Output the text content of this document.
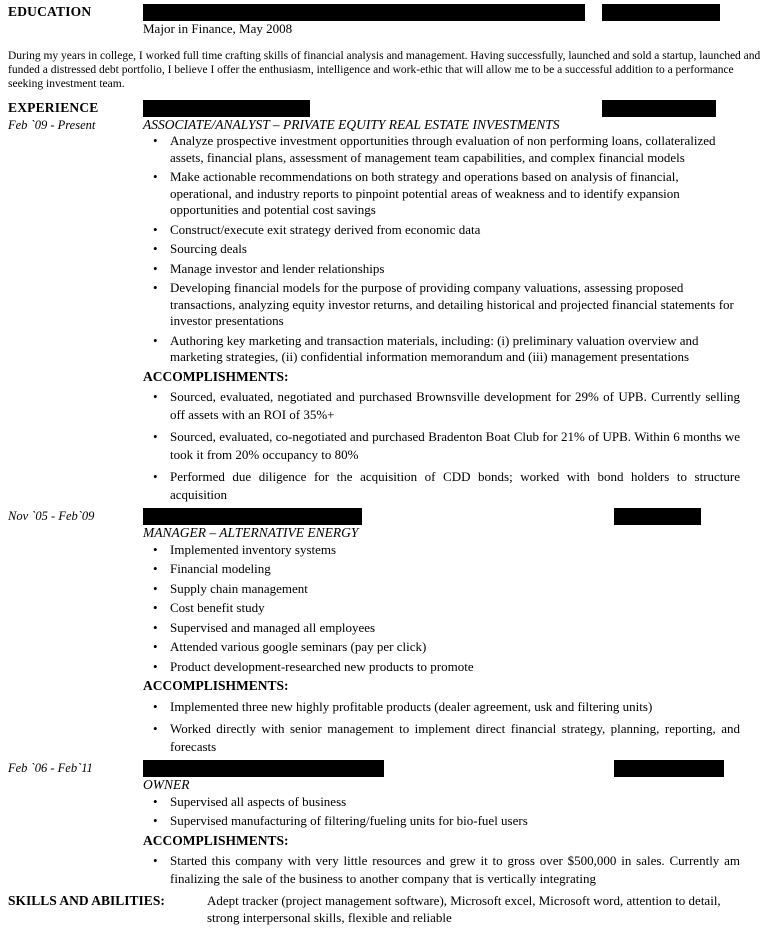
EDUCATION
Major in Finance, May 2008

During my years in college, I worked full time crafting skills of financial analysis and management. Having successfully, launched and sold a startup, launched and funded a distressed debt portfolio, I believe I offer the enthusiasm, intelligence and work-ethic that will allow me to be a successful addition to a performance seeking investment team.

EXPERIENCE
Feb `09 - Present	ASSOCIATE/ANALYST – PRIVATE EQUITY REAL ESTATE INVESTMENTS
• Analyze prospective investment opportunities through evaluation of non performing loans, collateralized assets, financial plans, assessment of management team capabilities, and complex financial models
• Make actionable recommendations on both strategy and operations based on analysis of financial, operational, and industry reports to pinpoint potential areas of weakness and to identify expansion opportunities and potential cost savings
• Construct/execute exit strategy derived from economic data
• Sourcing deals
• Manage investor and lender relationships
• Developing financial models for the purpose of providing company valuations, assessing proposed transactions, analyzing equity investor returns, and detailing historical and projected financial statements for investor presentations
• Authoring key marketing and transaction materials, including: (i) preliminary valuation overview and marketing strategies, (ii) confidential information memorandum and (iii) management presentations
ACCOMPLISHMENTS:
• Sourced, evaluated, negotiated and purchased Brownsville development for 29% of UPB. Currently selling off assets with an ROI of 35%+
• Sourced, evaluated, co-negotiated and purchased Bradenton Boat Club for 21% of UPB. Within 6 months we took it from 20% occupancy to 80%
• Performed due diligence for the acquisition of CDD bonds; worked with bond holders to structure acquisition
Nov `05 - Feb`09
MANAGER – ALTERNATIVE ENERGY
• Implemented inventory systems
• Financial modeling
• Supply chain management
• Cost benefit study
• Supervised and managed all employees
• Attended various google seminars (pay per click)
• Product development-researched new products to promote
ACCOMPLISHMENTS:
• Implemented three new highly profitable products (dealer agreement, usk and filtering units)
• Worked directly with senior management to implement direct financial strategy, planning, reporting, and forecasts
Feb `06 - Feb`11
OWNER
• Supervised all aspects of business
• Supervised manufacturing of filtering/fueling units for bio-fuel users
ACCOMPLISHMENTS:
• Started this company with very little resources and grew it to gross over $500,000 in sales. Currently am finalizing the sale of the business to another company that is vertically integrating
SKILLS AND ABILITIES:	Adept tracker (project management software), Microsoft excel, Microsoft word, attention to detail, strong interpersonal skills, flexible and reliable
